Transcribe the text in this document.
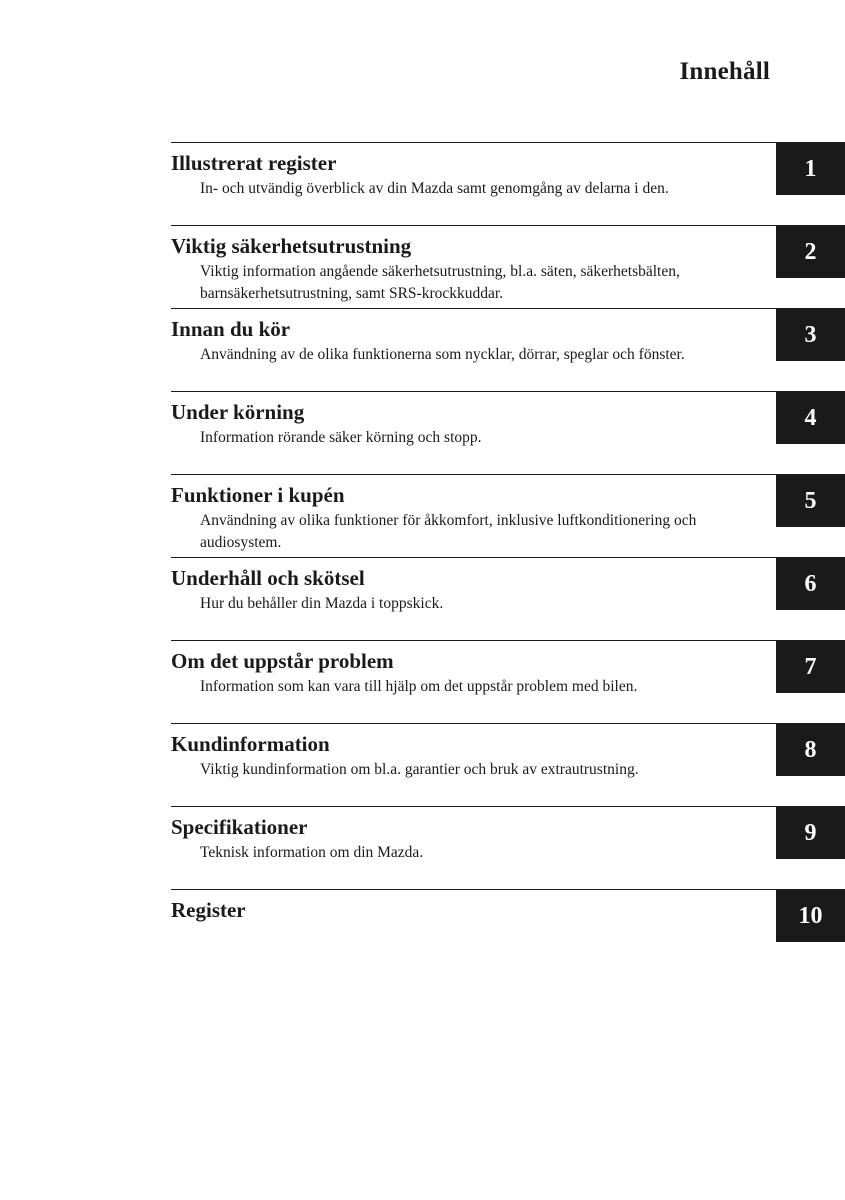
Innehåll
Illustrerat register
In- och utvändig överblick av din Mazda samt genomgång av delarna i den.
1
Viktig säkerhetsutrustning
Viktig information angående säkerhetsutrustning, bl.a. säten, säkerhetsbälten, barnsäkerhetsutrustning, samt SRS-krockkuddar.
2
Innan du kör
Användning av de olika funktionerna som nycklar, dörrar, speglar och fönster.
3
Under körning
Information rörande säker körning och stopp.
4
Funktioner i kupén
Användning av olika funktioner för åkkomfort, inklusive luftkonditionering och audiosystem.
5
Underhåll och skötsel
Hur du behåller din Mazda i toppskick.
6
Om det uppstår problem
Information som kan vara till hjälp om det uppstår problem med bilen.
7
Kundinformation
Viktig kundinformation om bl.a. garantier och bruk av extrautrustning.
8
Specifikationer
Teknisk information om din Mazda.
9
Register	10
